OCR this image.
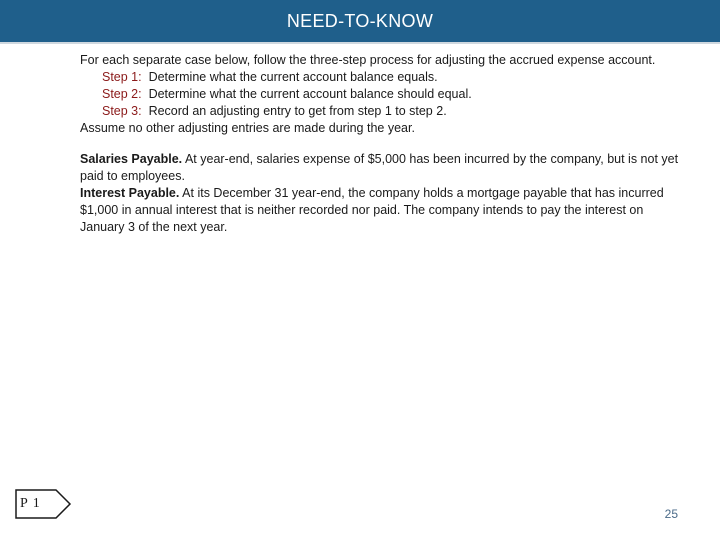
NEED-TO-KNOW

For each separate case below, follow the three-step process for adjusting the accrued expense account.

Step 1: Determine what the current account balance equals.

Step 2: Determine what the current account balance should equal.

Step 3: Record an adjusting entry to get from step 1 to step 2.

Assume no other adjusting entries are made during the year.

Salaries Payable. At year-end, salaries expense of $5,000 has been incurred by the company, but is not yet paid to employees.

Interest Payable. At its December 31 year-end, the company holds a mortgage payable that has incurred $1,000 in annual interest that is neither recorded nor paid. The company intends to pay the interest on January 3 of the next year.

P 1
25
